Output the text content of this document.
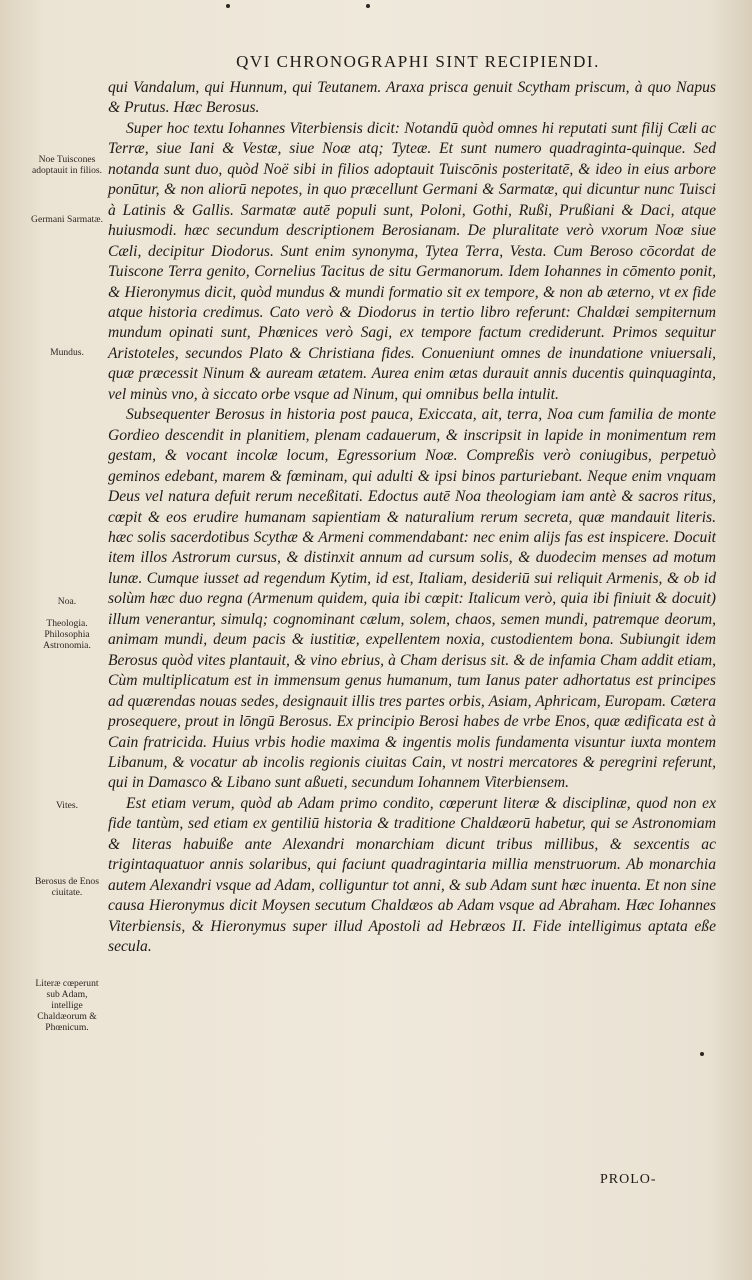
QVI CHRONOGRAPHI SINT RECIPIENDI.

qui Vandalum, qui Hunnum, qui Teutanem. Araxa prisca genuit Scytham priscum, à quo Napus & Prutus. Hæc Berosus.

Super hoc textu Iohannes Viterbiensis dicit: Notandū quòd omnes hi reputati sunt filij Cæli ac Terræ, siue Iani & Vestæ, siue Noæ atq; Tyteæ. Et sunt numero quadraginta-quinque. Sed notanda sunt duo, quòd Noë sibi in filios adoptauit Tuiscōnis posteritatē, & ideo in eius arbore ponūtur, & non aliorū nepotes, in quo præcellunt Germani & Sarmatæ, qui dicuntur nunc Tuisci à Latinis & Gallis. Sarmatæ autē populi sunt, Poloni, Gothi, Rußi, Prußiani & Daci, atque huiusmodi. hæc secundum descriptionem Berosianam. De pluralitate verò vxorum Noæ siue Cæli, decipitur Diodorus. Sunt enim synonyma, Tytea Terra, Vesta. Cum Beroso cōcordat de Tuiscone Terra genito, Cornelius Tacitus de situ Germanorum. Idem Iohannes in cōmento ponit, & Hieronymus dicit, quòd mundus & mundi formatio sit ex tempore, & non ab æterno, vt ex fide atque historia credimus. Cato verò & Diodorus in tertio libro referunt: Chaldæi sempiternum mundum opinati sunt, Phœnices verò Sagi, ex tempore factum crediderunt. Primos sequitur Aristoteles, secundos Plato & Christiana fides. Conueniunt omnes de inundatione vniuersali, quæ præcessit Ninum & auream ætatem. Aurea enim ætas durauit annis ducentis quinquaginta, vel minùs vno, à siccato orbe vsque ad Ninum, qui omnibus bella intulit.

Subsequenter Berosus in historia post pauca, Exiccata, ait, terra, Noa cum familia de monte Gordieo descendit in planitiem, plenam cadauerum, & inscripsit in lapide in monimentum rem gestam, & vocant incolæ locum, Egressorium Noæ. Compreßis verò coniugibus, perpetuò geminos edebant, marem & fœminam, qui adulti & ipsi binos parturiebant. Neque enim vnquam Deus vel natura defuit rerum neceßitati. Edoctus autē Noa theologiam iam antè & sacros ritus, cœpit & eos erudire humanam sapientiam & naturalium rerum secreta, quæ mandauit literis. hæc solis sacerdotibus Scythæ & Armeni commendabant: nec enim alijs fas est inspicere. Docuit item illos Astrorum cursus, & distinxit annum ad cursum solis, & duodecim menses ad motum lunæ. Cumque iusset ad regendum Kytim, id est, Italiam, desideriū sui reliquit Armenis, & ob id solùm hæc duo regna (Armenum quidem, quia ibi cœpit: Italicum verò, quia ibi finiuit & docuit) illum venerantur, simulq; cognominant cælum, solem, chaos, semen mundi, patremque deorum, animam mundi, deum pacis & iustitiæ, expellentem noxia, custodientem bona. Subiungit idem Berosus quòd vites plantauit, & vino ebrius, à Cham derisus sit. & de infamia Cham addit etiam, Cùm multiplicatum est in immensum genus humanum, tum Ianus pater adhortatus est principes ad quærendas nouas sedes, designauit illis tres partes orbis, Asiam, Aphricam, Europam. Cætera prosequere, prout in lōngū Berosus. Ex principio Berosi habes de vrbe Enos, quæ ædificata est à Cain fratricida. Huius vrbis hodie maxima & ingentis molis fundamenta visuntur iuxta montem Libanum, & vocatur ab incolis regionis ciuitas Cain, vt nostri mercatores & peregrini referunt, qui in Damasco & Libano sunt aßueti, secundum Iohannem Viterbiensem.

Est etiam verum, quòd ab Adam primo condito, cœperunt literæ & disciplinæ, quod non ex fide tantùm, sed etiam ex gentiliū historia & traditione Chaldæorū habetur, qui se Astronomiam & literas habuiße ante Alexandri monarchiam dicunt tribus millibus, & sexcentis ac trigintaquatuor annis solaribus, qui faciunt quadragintaria millia menstruorum. Ab monarchia autem Alexandri vsque ad Adam, colliguntur tot anni, & sub Adam sunt hæc inuenta. Et non sine causa Hieronymus dicit Moysen secutum Chaldæos ab Adam vsque ad Abraham. Hæc Iohannes Viterbiensis, & Hieronymus super illud Apostoli ad Hebræos II. Fide intelligimus aptata eße secula.

Noe Tuiscones adoptauit in filios.
Germani Sarmatæ.
Mundus.
Noa.
Theologia. Philosophia Astronomia.
Vites.
Berosus de Enos ciuitate.
Literæ cœperunt sub Adam, intellige Chaldæorum & Phœnicum.
PROLO-
